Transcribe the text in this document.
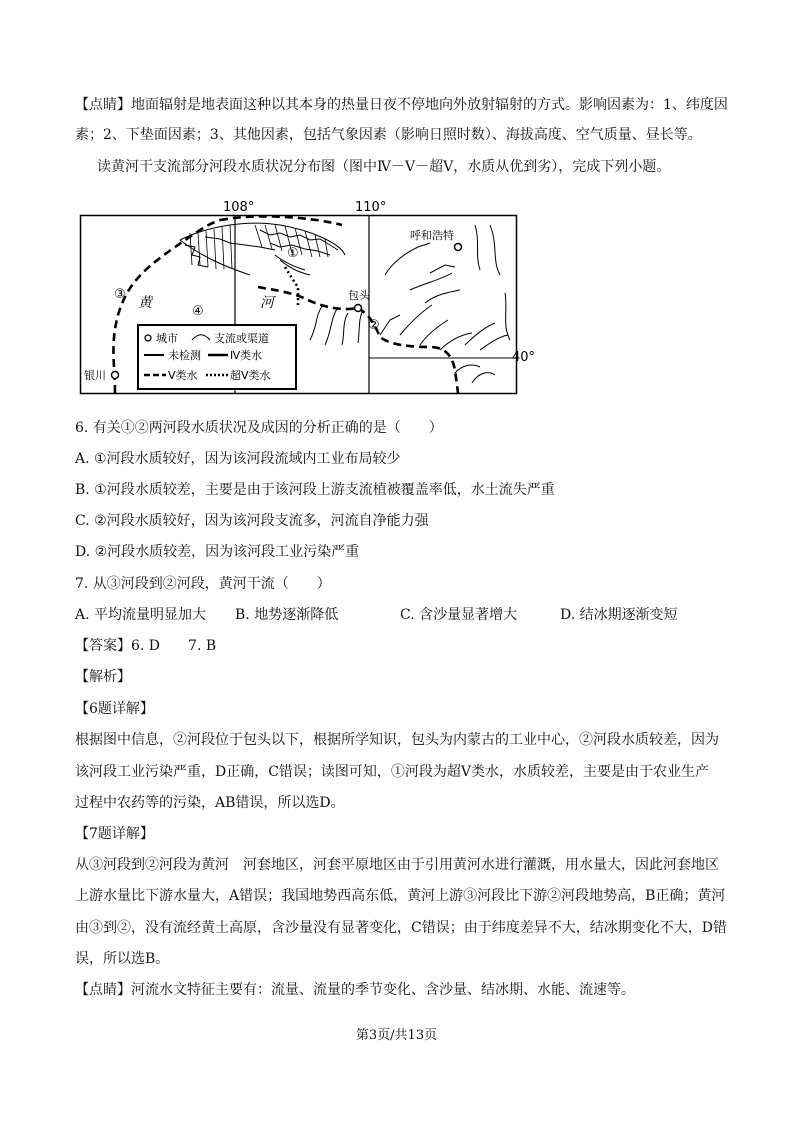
【点睛】地面辐射是地表面这种以其本身的热量日夜不停地向外放射辐射的方式。影响因素为：1、纬度因
素；2、下垫面因素；3、其他因素，包括气象因素（影响日照时数）、海拔高度、空气质量、昼长等。
读黄河干支流部分河段水质状况分布图（图中Ⅳ－Ⅴ－超Ⅴ，水质从优到劣），完成下列小题。
108°	110°
40°
①
②
③
④
黄	河	包头
呼和浩特
银川
城市	支流或渠道
未检测	Ⅳ类水
Ⅴ类水	超Ⅴ类水
6. 有关①②两河段水质状况及成因的分析正确的是（　　）
A. ①河段水质较好，因为该河段流域内工业布局较少
B. ①河段水质较差，主要是由于该河段上游支流植被覆盖率低，水土流失严重
C. ②河段水质较好，因为该河段支流多，河流自净能力强
D. ②河段水质较差，因为该河段工业污染严重
7. 从③河段到②河段，黄河干流（　　）
A. 平均流量明显加大 B. 地势逐渐降低	C. 含沙量显著增大	D. 结冰期逐渐变短
【答案】6. D　　7. B
【解析】
【6题详解】
根据图中信息，②河段位于包头以下，根据所学知识，包头为内蒙古的工业中心，②河段水质较差，因为
该河段工业污染严重，D正确，C错误；读图可知，①河段为超Ⅴ类水，水质较差，主要是由于农业生产
过程中农药等的污染，AB错误，所以选D。
【7题详解】
从③河段到②河段为黄河　河套地区，河套平原地区由于引用黄河水进行灌溉，用水量大，因此河套地区
上游水量比下游水量大，A错误；我国地势西高东低，黄河上游③河段比下游②河段地势高，B正确；黄河
由③到②，没有流经黄土高原，含沙量没有显著变化，C错误；由于纬度差异不大，结冰期变化不大，D错
误，所以选B。
【点睛】河流水文特征主要有：流量、流量的季节变化、含沙量、结冰期、水能、流速等。
第3页/共13页
